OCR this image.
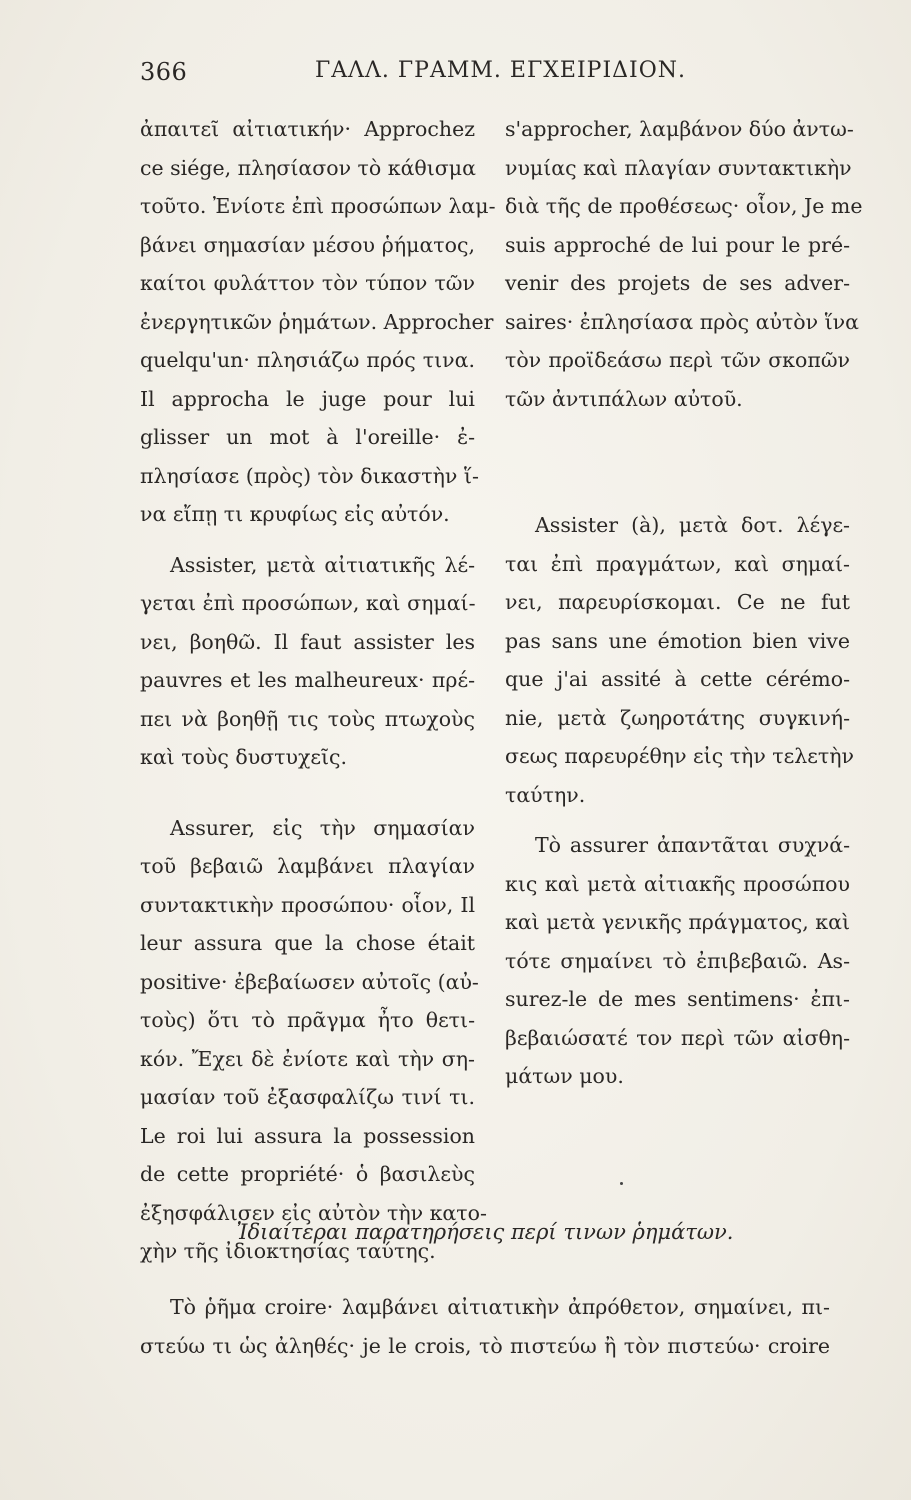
366	ΓΑΛΛ. ΓΡΑΜΜ. ΕΓΧΕΙΡΙΔΙΟΝ.
ἀπαιτεῖ αἰτιατικήν· Approchez
ce siége, πλησίασον τὸ κάθισμα
τοῦτο. Ἐνίοτε ἐπὶ προσώπων λαμ-
βάνει σημασίαν μέσου ῥήματος,
καίτοι φυλάττον τὸν τύπον τῶν
ἐνεργητικῶν ῥημάτων. Approcher
quelqu'un· πλησιάζω πρός τινα.
Il approcha le juge pour lui
glisser un mot à l'oreille· ἐ-
πλησίασε (πρὸς) τὸν δικαστὴν ἵ-
να εἴπῃ τι κρυφίως εἰς αὐτόν.
Assister, μετὰ αἰτιατικῆς λέ-
γεται ἐπὶ προσώπων, καὶ σημαί-
νει, βοηθῶ. Il faut assister les
pauvres et les malheureux· πρέ-
πει νὰ βοηθῇ τις τοὺς πτωχοὺς
καὶ τοὺς δυστυχεῖς.
Assurer, εἰς τὴν σημασίαν
τοῦ βεβαιῶ λαμβάνει πλαγίαν
συντακτικὴν προσώπου· οἷον, Il
leur assura que la chose était
positive· ἐβεβαίωσεν αὐτοῖς (αὐ-
τοὺς) ὅτι τὸ πρᾶγμα ἦτο θετι-
κόν. Ἔχει δὲ ἐνίοτε καὶ τὴν ση-
μασίαν τοῦ ἐξασφαλίζω τινί τι.
Le roi lui assura la possession
de cette propriété· ὁ βασιλεὺς
ἐξησφάλισεν εἰς αὐτὸν τὴν κατο-
χὴν τῆς ἰδιοκτησίας ταύτης.
s'approcher, λαμβάνον δύο ἀντω-
νυμίας καὶ πλαγίαν συντακτικὴν
διὰ τῆς de προθέσεως· οἷον, Je me
suis approché de lui pour le pré-
venir des projets de ses adver-
saires· ἐπλησίασα πρὸς αὐτὸν ἵνα
τὸν προϊδεάσω περὶ τῶν σκοπῶν
τῶν ἀντιπάλων αὐτοῦ.
Assister (à), μετὰ δοτ. λέγε-
ται ἐπὶ πραγμάτων, καὶ σημαί-
νει, παρευρίσκομαι. Ce ne fut
pas sans une émotion bien vive
que j'ai assité à cette cérémo-
nie, μετὰ ζωηροτάτης συγκινή-
σεως παρευρέθην εἰς τὴν τελετὴν
ταύτην.
Τὸ assurer ἀπαντᾶται συχνά-
κις καὶ μετὰ αἰτιακῆς προσώπου
καὶ μετὰ γενικῆς πράγματος, καὶ
τότε σημαίνει τὸ ἐπιβεβαιῶ. As-
surez-le de mes sentimens· ἐπι-
βεβαιώσατέ τον περὶ τῶν αἰσθη-
μάτων μου.
Ἰδιαίτεραι παρατηρήσεις περί τινων ῥημάτων.
Τὸ ῥῆμα croire· λαμβάνει αἰτιατικὴν ἀπρόθετον, σημαίνει, πι-
στεύω τι ὡς ἀληθές· je le crois, τὸ πιστεύω ἢ τὸν πιστεύω· croire
